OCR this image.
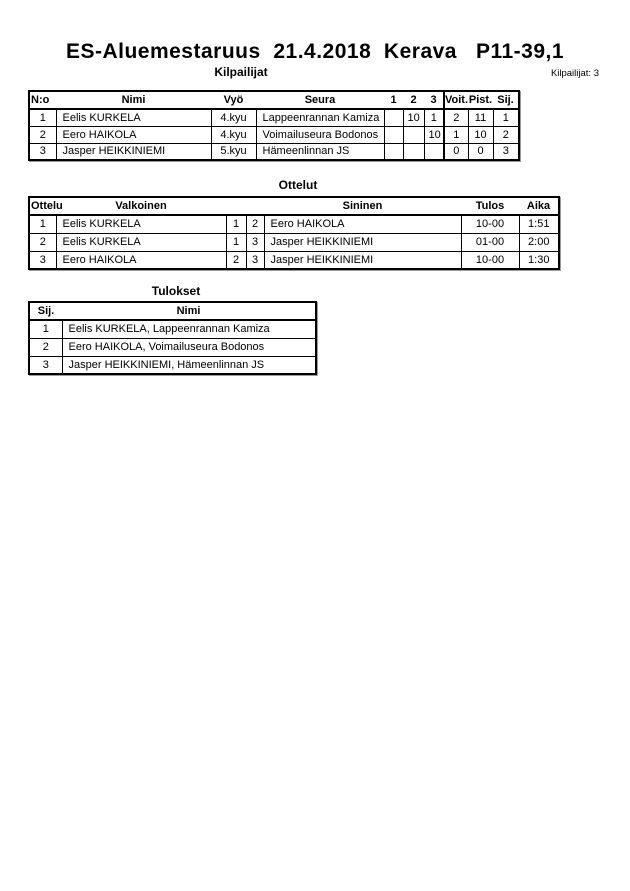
ES-Aluemestaruus  21.4.2018  Kerava   P11-39,1
Kilpailijat	Kilpailijat: 3
N:o	Nimi	Vyö	Seura	1	2	3	Voit.	Pist.	Sij.
1	Eelis KURKELA	4.kyu	Lappeenrannan Kamiza		10	1	2	11	1
2	Eero HAIKOLA	4.kyu	Voimailuseura Bodonos			10	1	10	2
3	Jasper HEIKKINIEMI	5.kyu	Hämeenlinnan JS				0	0	3
Ottelut
Ottelu	Valkoinen			Sininen	Tulos	Aika
1	Eelis KURKELA	1	2	Eero HAIKOLA	10-00	1:51
2	Eelis KURKELA	1	3	Jasper HEIKKINIEMI	01-00	2:00
3	Eero HAIKOLA	2	3	Jasper HEIKKINIEMI	10-00	1:30
Tulokset
Sij.	Nimi
1	Eelis KURKELA, Lappeenrannan Kamiza
2	Eero HAIKOLA, Voimailuseura Bodonos
3	Jasper HEIKKINIEMI, Hämeenlinnan JS
